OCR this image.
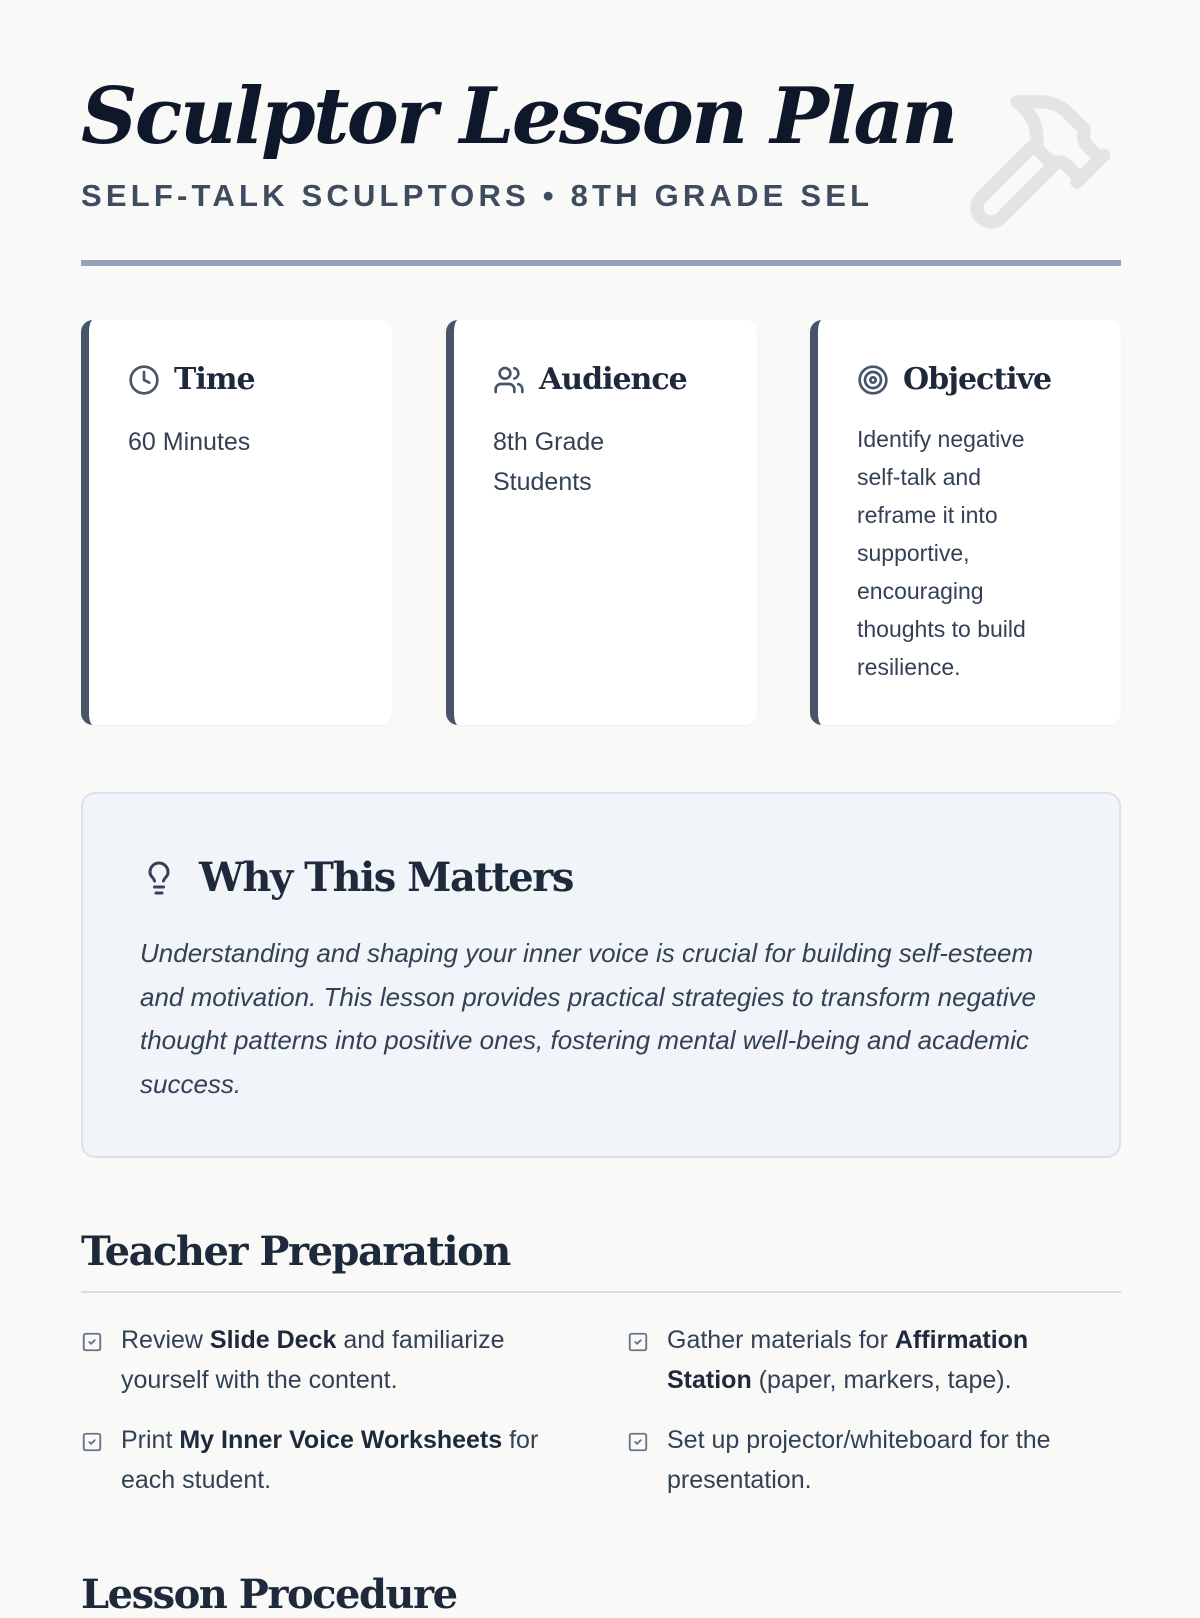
Sculptor Lesson Plan
SELF-TALK SCULPTORS • 8TH GRADE SEL
Time
60 Minutes
Audience
8th Grade Students
Objective
Identify negative self-talk and reframe it into supportive, encouraging thoughts to build resilience.
Why This Matters

Understanding and shaping your inner voice is crucial for building self-esteem and motivation. This lesson provides practical strategies to transform negative thought patterns into positive ones, fostering mental well-being and academic success.

Teacher Preparation
Review Slide Deck and familiarize yourself with the content.
Gather materials for Affirmation Station (paper, markers, tape).
Print My Inner Voice Worksheets for each student.
Set up projector/whiteboard for the presentation.
Lesson Procedure
